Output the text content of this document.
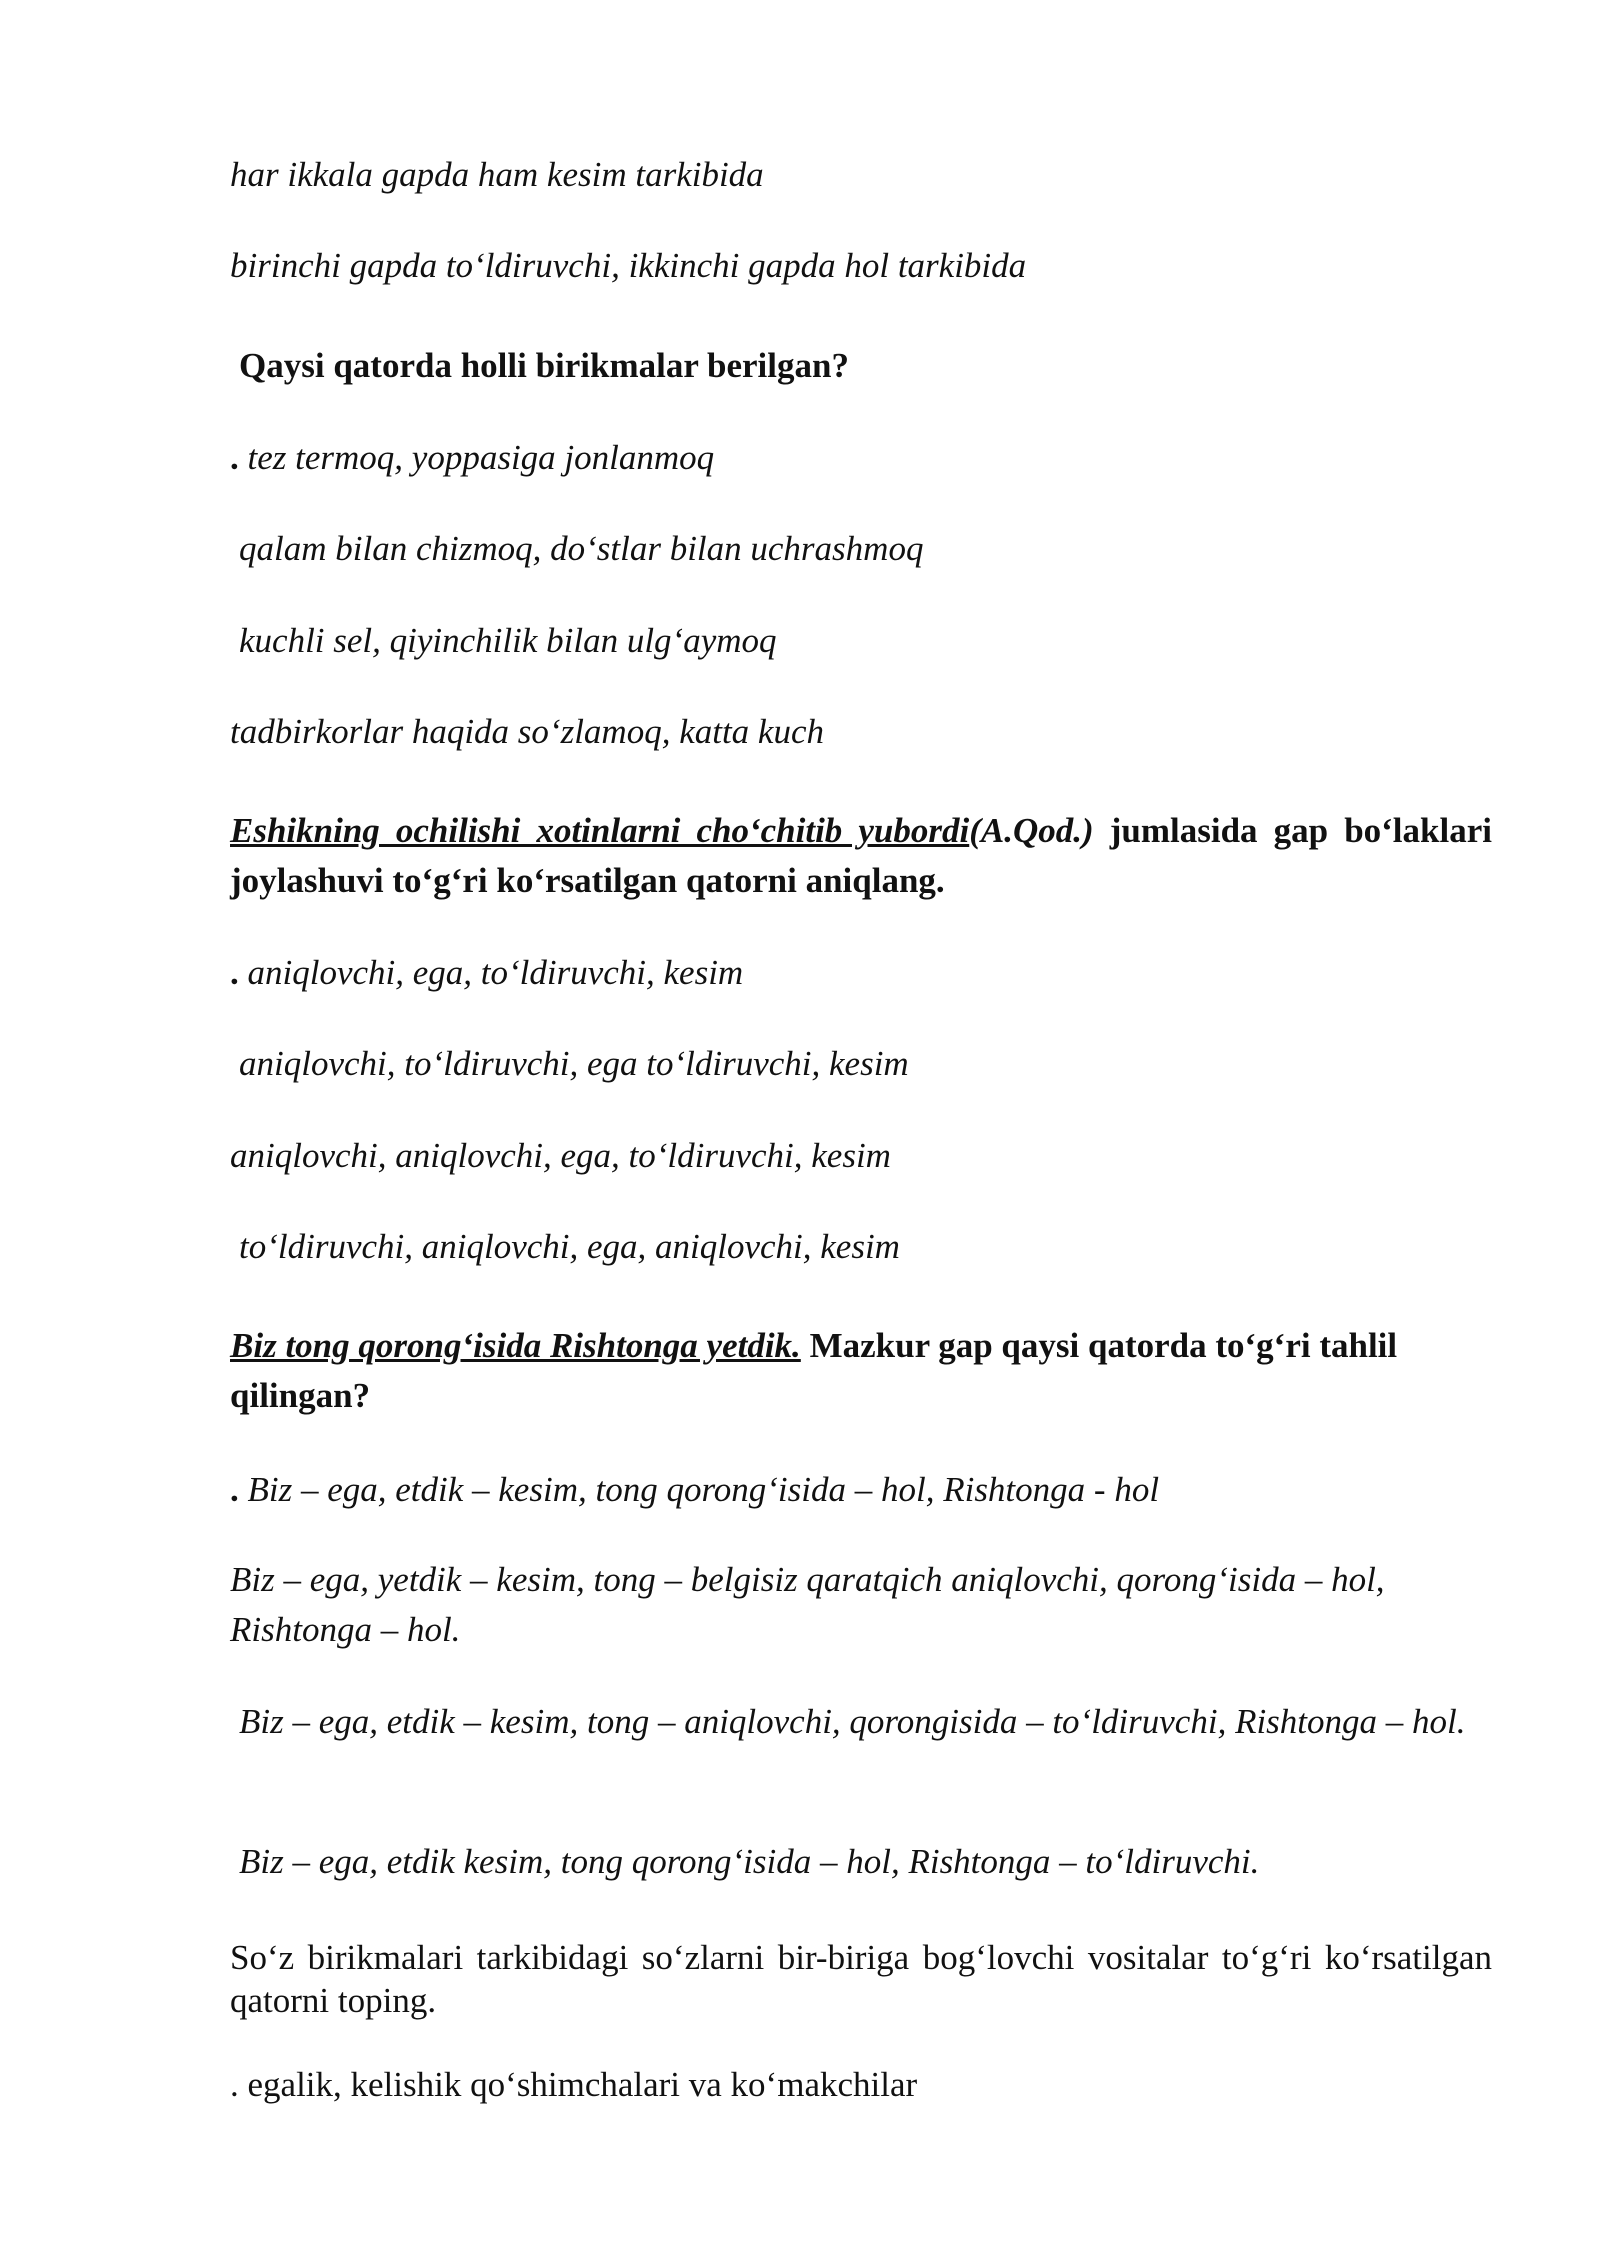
har ikkala gapda ham kesim tarkibida
birinchi gapda to‘ldiruvchi, ikkinchi gapda hol tarkibida
Qaysi qatorda holli birikmalar berilgan?
. tez termoq, yoppasiga jonlanmoq
qalam bilan chizmoq, do‘stlar bilan uchrashmoq
kuchli sel, qiyinchilik bilan ulg‘aymoq
tadbirkorlar haqida so‘zlamoq, katta kuch
Eshikning ochilishi xotinlarni cho‘chitib yubordi(A.Qod.) jumlasida gap bo‘laklari joylashuvi to‘g‘ri ko‘rsatilgan qatorni aniqlang.
. aniqlovchi, ega, to‘ldiruvchi, kesim
aniqlovchi, to‘ldiruvchi, ega to‘ldiruvchi, kesim
aniqlovchi, aniqlovchi, ega, to‘ldiruvchi, kesim
to‘ldiruvchi, aniqlovchi, ega, aniqlovchi, kesim
Biz tong qorong‘isida Rishtonga yetdik. Mazkur gap qaysi qatorda to‘g‘ri tahlil qilingan?
. Biz – ega, etdik – kesim, tong qorong‘isida – hol, Rishtonga - hol
Biz – ega, yetdik – kesim, tong – belgisiz qaratqich aniqlovchi, qorong‘isida – hol, Rishtonga – hol.
Biz – ega, etdik – kesim, tong – aniqlovchi, qorongisida – to‘ldiruvchi, Rishtonga – hol.
Biz – ega, etdik kesim, tong qorong‘isida – hol, Rishtonga – to‘ldiruvchi.
So‘z birikmalari tarkibidagi so‘zlarni bir-biriga bog‘lovchi vositalar to‘g‘ri ko‘rsatilgan qatorni toping.
. egalik, kelishik qo‘shimchalari va ko‘makchilar
